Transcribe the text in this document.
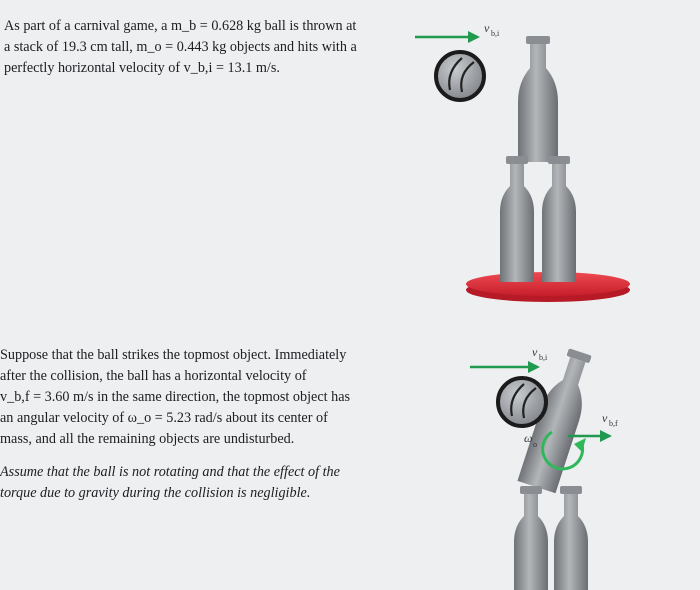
As part of a carnival game, a m_b = 0.628 kg ball is thrown at

a stack of 19.3 cm tall, m_o = 0.443 kg objects and hits with a

perfectly horizontal velocity of v_b,i = 13.1 m/s.

Suppose that the ball strikes the topmost object. Immediately

after the collision, the ball has a horizontal velocity of

v_b,f = 3.60 m/s in the same direction, the topmost object has

an angular velocity of ω_o = 5.23 rad/s about its center of

mass, and all the remaining objects are undisturbed.

Assume that the ball is not rotating and that the effect of the

torque due to gravity during the collision is negligible.

v b,i
v b,i
ω o
v b,f
